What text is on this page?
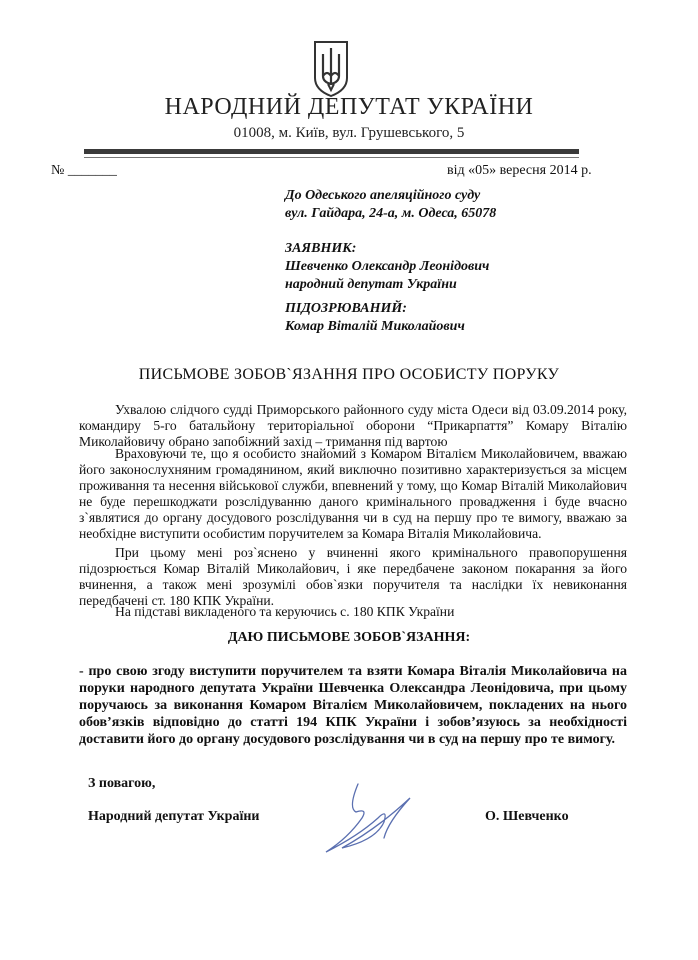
НАРОДНИЙ ДЕПУТАТ УКРАЇНИ
01008, м. Київ, вул. Грушевського, 5
№ _______	від «05» вересня 2014 р.
До Одеського апеляційного суду
вул. Гайдара, 24-а, м. Одеса, 65078
ЗАЯВНИК:
Шевченко Олександр Леонідович
народний депутат України
ПІДОЗРЮВАНИЙ:
Комар Віталій Миколайович
ПИСЬМОВЕ ЗОБОВ`ЯЗАННЯ ПРО ОСОБИСТУ ПОРУКУ

Ухвалою слідчого судді Приморського районного суду міста Одеси від 03.09.2014 року, командиру 5-го батальйону територіальної оборони “Прикарпаття” Комару Віталію Миколайовичу обрано запобіжний захід – тримання під вартою

Враховуючи те, що я особисто знайомий з Комаром Віталієм Миколайовичем, вважаю його законослухняним громадянином, який виключно позитивно характеризується за місцем проживання та несення військової служби, впевнений у тому, що Комар Віталій Миколайович не буде перешкоджати розслідуванню даного кримінального провадження і буде вчасно з`являтися до органу досудового розслідування чи в суд на першу про те вимогу, вважаю за необхідне виступити особистим поручителем за Комара Віталія Миколайовича.

При цьому мені роз`яснено у вчиненні якого кримінального правопорушення підозрюється Комар Віталій Миколайович, і яке передбачене законом покарання за його вчинення, а також мені зрозумілі обов`язки поручителя та наслідки їх невиконання передбачені ст. 180 КПК України.

На підставі викладеного та керуючись с. 180 КПК України

ДАЮ ПИСЬМОВЕ ЗОБОВ`ЯЗАННЯ:
- про свою згоду виступити поручителем та взяти Комара Віталія Миколайовича на поруки народного депутата України Шевченка Олександра Леонідовича, при цьому поручаюсь за виконання Комаром Віталієм Миколайовичем, покладених на нього обов’язків відповідно до статті 194 КПК України і зобов’язуюсь за необхідності доставити його до органу досудового розслідування чи в суд на першу про те вимогу.
З повагою,
Народний депутат України	О. Шевченко
